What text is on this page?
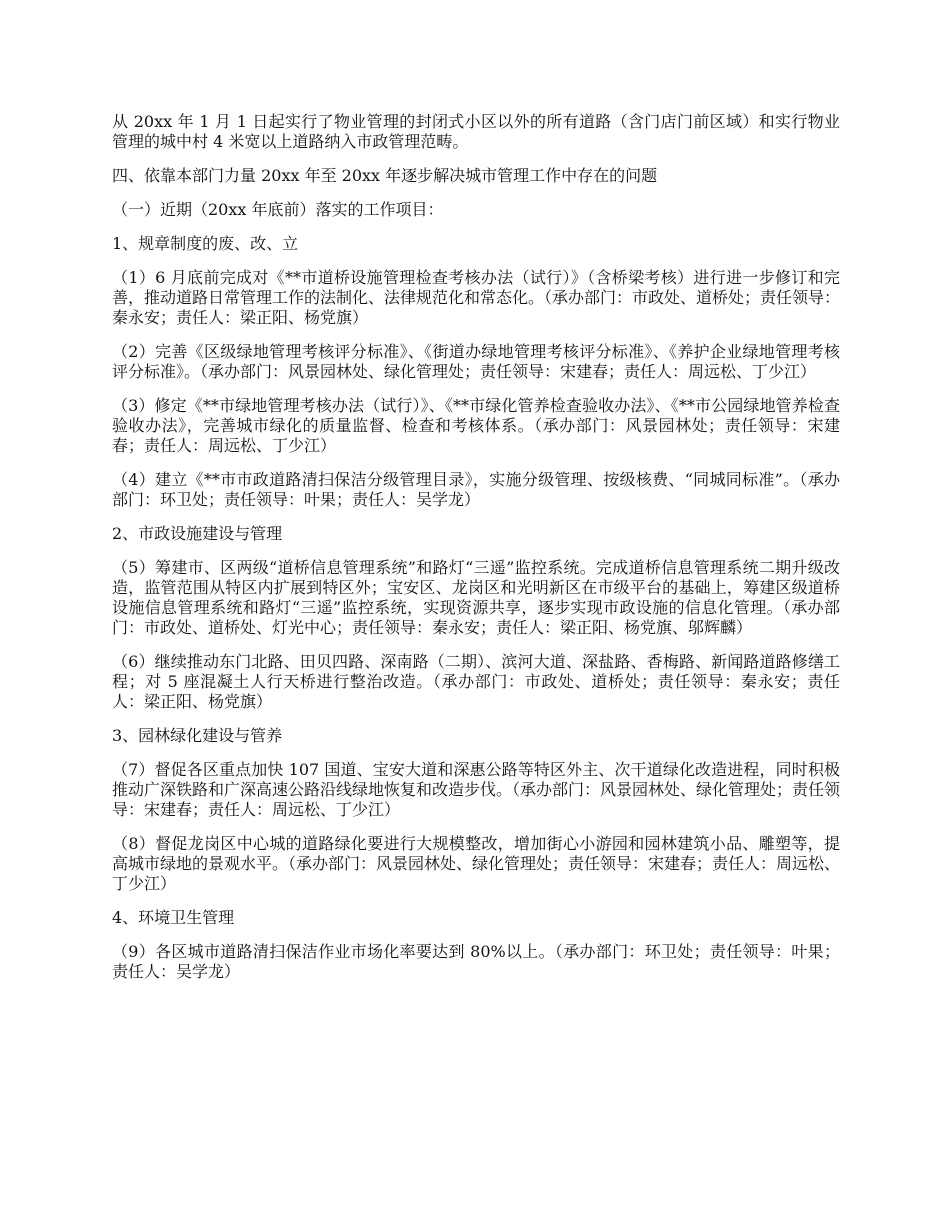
从 20xx 年 1 月 1 日起实行了物业管理的封闭式小区以外的所有道路（含门店门前区域）和实行物业管理的城中村 4 米宽以上道路纳入市政管理范畴。

四、依靠本部门力量 20xx 年至 20xx 年逐步解决城市管理工作中存在的问题

（一）近期（20xx 年底前）落实的工作项目：

1、规章制度的废、改、立

（1）6 月底前完成对《**市道桥设施管理检查考核办法（试行）》（含桥梁考核）进行进一步修订和完善，推动道路日常管理工作的法制化、法律规范化和常态化。（承办部门：市政处、道桥处；责任领导：秦永安；责任人：梁正阳、杨党旗）

（2）完善《区级绿地管理考核评分标准》、《街道办绿地管理考核评分标准》、《养护企业绿地管理考核评分标准》。（承办部门：风景园林处、绿化管理处；责任领导：宋建春；责任人：周远松、丁少江）

（3）修定《**市绿地管理考核办法（试行）》、《**市绿化管养检查验收办法》、《**市公园绿地管养检查验收办法》，完善城市绿化的质量监督、检查和考核体系。（承办部门：风景园林处；责任领导：宋建春；责任人：周远松、丁少江）

（4）建立《**市市政道路清扫保洁分级管理目录》，实施分级管理、按级核费、“同城同标准”。（承办部门：环卫处；责任领导：叶果；责任人：吴学龙）

2、市政设施建设与管理

（5）筹建市、区两级“道桥信息管理系统”和路灯“三遥”监控系统。完成道桥信息管理系统二期升级改造，监管范围从特区内扩展到特区外；宝安区、龙岗区和光明新区在市级平台的基础上，筹建区级道桥设施信息管理系统和路灯“三遥”监控系统，实现资源共享，逐步实现市政设施的信息化管理。（承办部门：市政处、道桥处、灯光中心；责任领导：秦永安；责任人：梁正阳、杨党旗、邬辉麟）

（6）继续推动东门北路、田贝四路、深南路（二期）、滨河大道、深盐路、香梅路、新闻路道路修缮工程；对 5 座混凝土人行天桥进行整治改造。（承办部门：市政处、道桥处；责任领导：秦永安；责任人：梁正阳、杨党旗）

3、园林绿化建设与管养

（7）督促各区重点加快 107 国道、宝安大道和深惠公路等特区外主、次干道绿化改造进程，同时积极推动广深铁路和广深高速公路沿线绿地恢复和改造步伐。（承办部门：风景园林处、绿化管理处；责任领导：宋建春；责任人：周远松、丁少江）

（8）督促龙岗区中心城的道路绿化要进行大规模整改，增加街心小游园和园林建筑小品、雕塑等，提高城市绿地的景观水平。（承办部门：风景园林处、绿化管理处；责任领导：宋建春；责任人：周远松、丁少江）

4、环境卫生管理

（9）各区城市道路清扫保洁作业市场化率要达到 80%以上。（承办部门：环卫处；责任领导：叶果；责任人：吴学龙）
